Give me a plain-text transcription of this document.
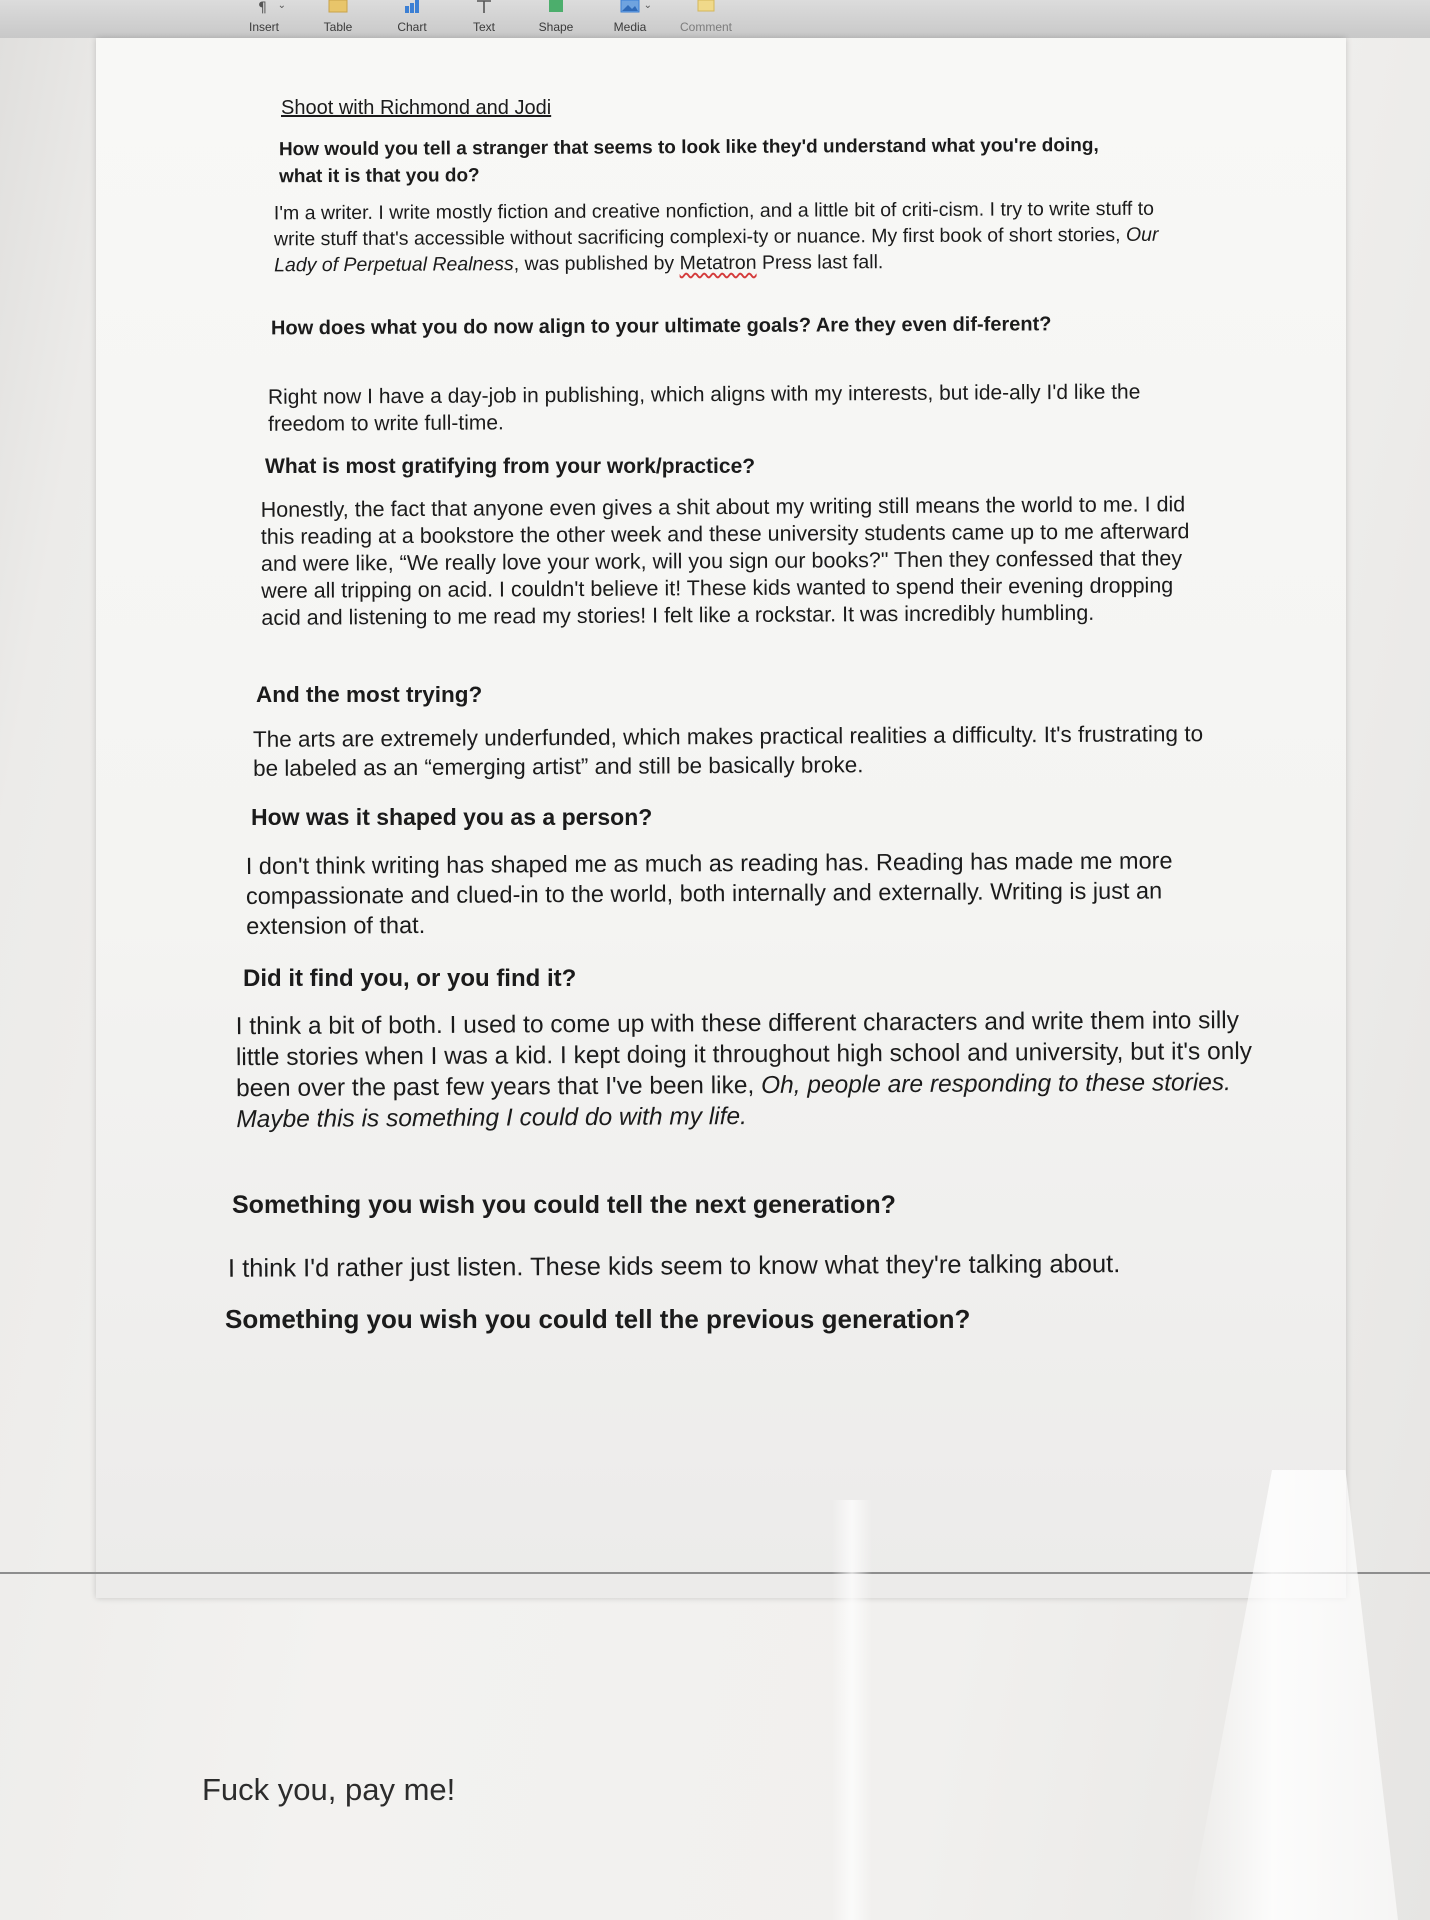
¶ ⌄
Insert	Table	Chart	Text	Shape
⌄
Media	Comment
Shoot with Richmond and Jodi
How would you tell a stranger that seems to look like they'd understand what you're doing, what it is that you do?
I'm a writer. I write mostly fiction and creative nonfiction, and a little bit of criti-cism. I try to write stuff to write stuff that's accessible without sacrificing complexi-ty or nuance. My first book of short stories, Our Lady of Perpetual Realness, was published by Metatron Press last fall.
How does what you do now align to your ultimate goals? Are they even dif-ferent?
Right now I have a day-job in publishing, which aligns with my interests, but ide-ally I'd like the freedom to write full-time.
What is most gratifying from your work/practice?
Honestly, the fact that anyone even gives a shit about my writing still means the world to me. I did this reading at a bookstore the other week and these university students came up to me afterward and were like, “We really love your work, will you sign our books?" Then they confessed that they were all tripping on acid. I couldn't believe it! These kids wanted to spend their evening dropping acid and listening to me read my stories! I felt like a rockstar. It was incredibly humbling.
And the most trying?
The arts are extremely underfunded, which makes practical realities a difficulty. It's frustrating to be labeled as an “emerging artist” and still be basically broke.
How was it shaped you as a person?
I don't think writing has shaped me as much as reading has. Reading has made me more compassionate and clued-in to the world, both internally and externally. Writing is just an extension of that.
Did it find you, or you find it?
I think a bit of both. I used to come up with these different characters and write them into silly little stories when I was a kid. I kept doing it throughout high school and university, but it's only been over the past few years that I've been like, Oh, people are responding to these stories. Maybe this is something I could do with my life.
Something you wish you could tell the next generation?
I think I'd rather just listen. These kids seem to know what they're talking about.
Something you wish you could tell the previous generation?
Fuck you, pay me!
